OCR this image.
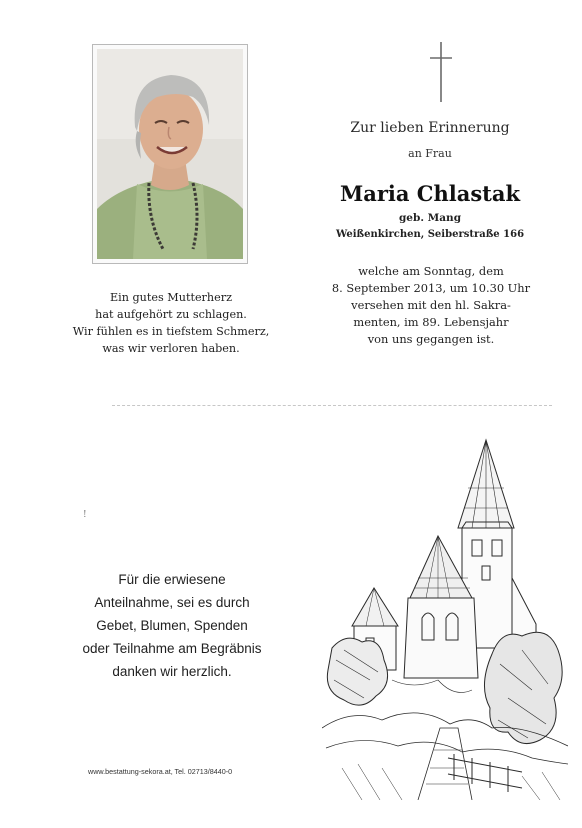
Ein gutes Mutterherz
hat aufgehört zu schlagen.
Wir fühlen es in tiefstem Schmerz,
was wir verloren haben.
Zur lieben Erinnerung
an Frau
Maria Chlastak
geb. Mang
Weißenkirchen, Seiberstraße 166
welche am Sonntag, dem
8. September 2013, um 10.30 Uhr
versehen mit den hl. Sakra-
menten, im 89. Lebensjahr
von uns gegangen ist.
!
Für die erwiesene
Anteilnahme, sei es durch
Gebet, Blumen, Spenden
oder Teilnahme am Begräbnis
danken wir herzlich.
www.bestattung-sekora.at, Tel. 02713/8440-0
